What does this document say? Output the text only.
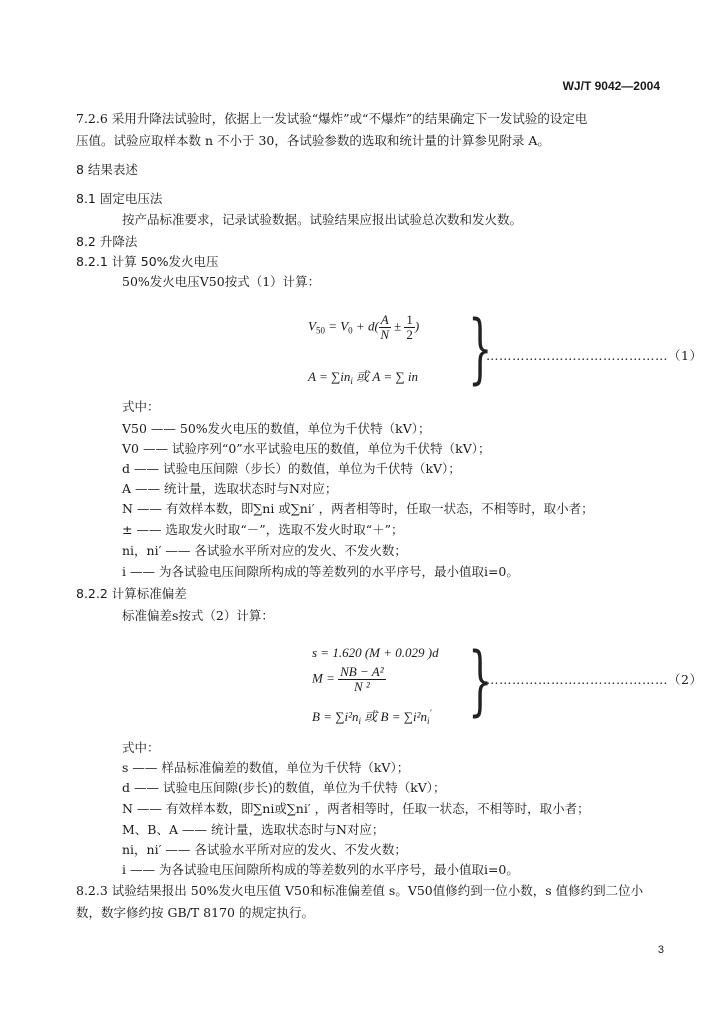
WJ/T 9042—2004
7.2.6 采用升降法试验时，依据上一发试验“爆炸”或“不爆炸”的结果确定下一发试验的设定电
压值。试验应取样本数 n 不小于 30，各试验参数的选取和统计量的计算参见附录 A。
8 结果表述
8.1 固定电压法
按产品标准要求，记录试验数据。试验结果应报出试验总次数和发火数。
8.2 升降法
8.2.1 计算 50%发火电压
50%发火电压V50按式（1）计算：
$V_{50} = V_0 + d( \frac{A}{N} \pm \frac{1}{2}$ )
$A = \sum in_i$ 或 A = ∑ in }
……………………………………（1）
式中：
V50 —— 50%发火电压的数值，单位为千伏特（kV）；
V0 —— 试验序列“0”水平试验电压的数值，单位为千伏特（kV）；
d —— 试验电压间隙（步长）的数值，单位为千伏特（kV）；
A —— 统计量，选取状态时与N对应；
N —— 有效样本数，即∑ni 或∑ni′ ，两者相等时，任取一状态，不相等时，取小者；
± —— 选取发火时取“－”，选取不发火时取“＋”；
ni，ni′ —— 各试验水平所对应的发火、不发火数；
i —— 为各试验电压间隙所构成的等差数列的水平序号，最小值取i=0。
8.2.2 计算标准偏差
标准偏差s按式（2）计算：
s = 1.620 (M + 0.029 )d
$M = \frac{\text{NB − A²}}{\text{N ²}}$
$B = \sum i^2n_i$ 或 $B = \sum i^2n_i'$ }
……………………………………（2）
式中：
s —— 样品标准偏差的数值，单位为千伏特（kV）；
d —— 试验电压间隙(步长)的数值，单位为千伏特（kV）；
N —— 有效样本数，即∑ni或∑ni′ ，两者相等时，任取一状态，不相等时，取小者；
M、B、A —— 统计量，选取状态时与N对应；
ni，ni′ —— 各试验水平所对应的发火、不发火数；
i —— 为各试验电压间隙所构成的等差数列的水平序号，最小值取i=0。
8.2.3 试验结果报出 50%发火电压值 V50和标准偏差值 s。V50值修约到一位小数，s 值修约到二位小
数，数字修约按 GB/T 8170 的规定执行。
3
